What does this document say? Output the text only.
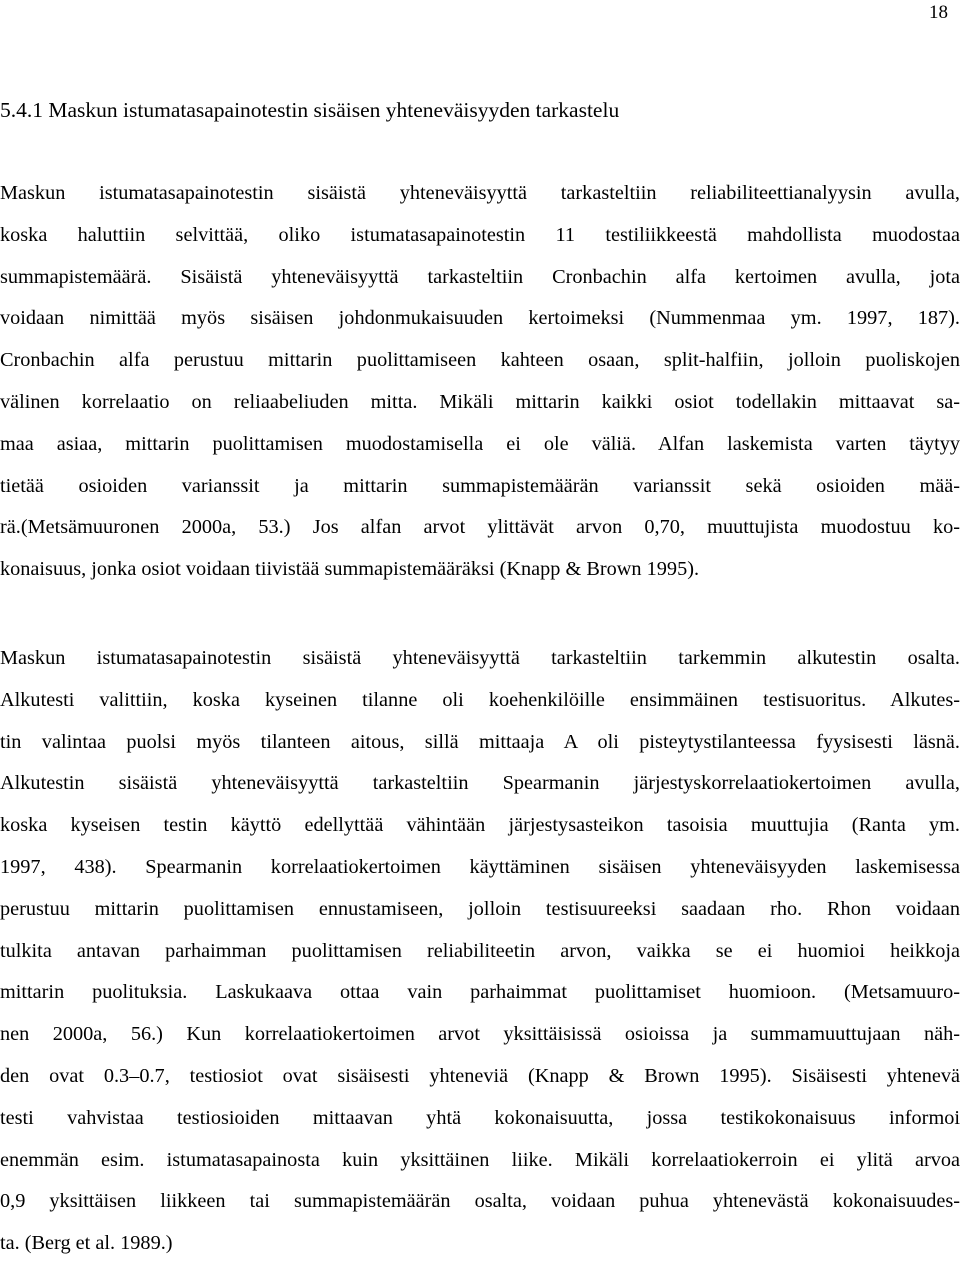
18
5.4.1 Maskun istumatasapainotestin sisäisen yhteneväisyyden tarkastelu
Maskun istumatasapainotestin sisäistä yhteneväisyyttä tarkasteltiin reliabiliteettianalyysin avulla,
koska haluttiin selvittää, oliko istumatasapainotestin 11 testiliikkeestä mahdollista muodostaa
summapistemäärä. Sisäistä yhteneväisyyttä tarkasteltiin Cronbachin alfa kertoimen avulla, jota
voidaan nimittää myös sisäisen johdonmukaisuuden kertoimeksi (Nummenmaa ym. 1997, 187).
Cronbachin alfa perustuu mittarin puolittamiseen kahteen osaan, split-halfiin, jolloin puoliskojen
välinen korrelaatio on reliaabeliuden mitta. Mikäli mittarin kaikki osiot todellakin mittaavat sa-
maa asiaa, mittarin puolittamisen muodostamisella ei ole väliä. Alfan laskemista varten täytyy
tietää osioiden varianssit ja mittarin summapistemäärän varianssit sekä osioiden mää-
rä.(Metsämuuronen 2000a, 53.) Jos alfan arvot ylittävät arvon 0,70, muuttujista muodostuu ko-
konaisuus, jonka osiot voidaan tiivistää summapistemääräksi (Knapp & Brown 1995).
Maskun istumatasapainotestin sisäistä yhteneväisyyttä tarkasteltiin tarkemmin alkutestin osalta.
Alkutesti valittiin, koska kyseinen tilanne oli koehenkilöille ensimmäinen testisuoritus. Alkutes-
tin valintaa puolsi myös tilanteen aitous, sillä mittaaja A oli pisteytystilanteessa fyysisesti läsnä.
Alkutestin sisäistä yhteneväisyyttä tarkasteltiin Spearmanin järjestyskorrelaatiokertoimen avulla,
koska kyseisen testin käyttö edellyttää vähintään järjestysasteikon tasoisia muuttujia (Ranta ym.
1997, 438). Spearmanin korrelaatiokertoimen käyttäminen sisäisen yhteneväisyyden laskemisessa
perustuu mittarin puolittamisen ennustamiseen, jolloin testisuureeksi saadaan rho. Rhon voidaan
tulkita antavan parhaimman puolittamisen reliabiliteetin arvon, vaikka se ei huomioi heikkoja
mittarin puolituksia. Laskukaava ottaa vain parhaimmat puolittamiset huomioon. (Metsamuuro-
nen 2000a, 56.) Kun korrelaatiokertoimen arvot yksittäisissä osioissa ja summamuuttujaan näh-
den ovat 0.3–0.7, testiosiot ovat sisäisesti yhteneviä (Knapp & Brown 1995). Sisäisesti yhtenevä
testi vahvistaa testiosioiden mittaavan yhtä kokonaisuutta, jossa testikokonaisuus informoi
enemmän esim. istumatasapainosta kuin yksittäinen liike. Mikäli korrelaatiokerroin ei ylitä arvoa
0,9 yksittäisen liikkeen tai summapistemäärän osalta, voidaan puhua yhtenevästä kokonaisuudes-
ta. (Berg et al. 1989.)
